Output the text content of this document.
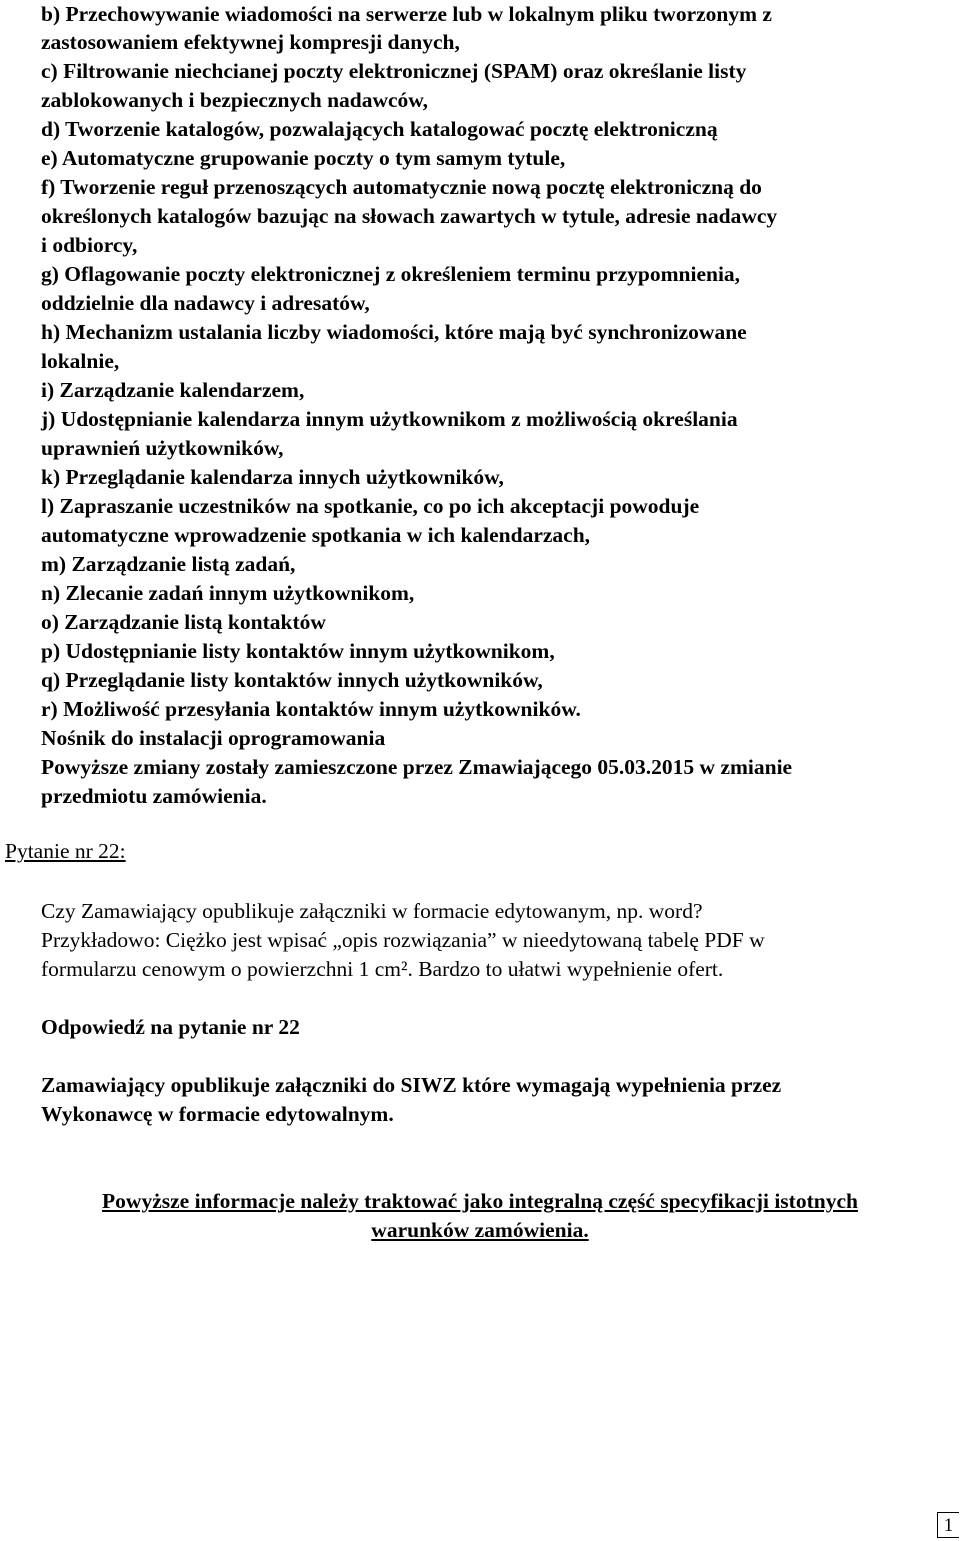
b) Przechowywanie wiadomości na serwerze lub w lokalnym pliku tworzonym z
zastosowaniem efektywnej kompresji danych,
c) Filtrowanie niechcianej poczty elektronicznej (SPAM) oraz określanie listy
zablokowanych i bezpiecznych nadawców,
d) Tworzenie katalogów, pozwalających katalogować pocztę elektroniczną
e) Automatyczne grupowanie poczty o tym samym tytule,
f) Tworzenie reguł przenoszących automatycznie nową pocztę elektroniczną do
określonych katalogów bazując na słowach zawartych w tytule, adresie nadawcy
i odbiorcy,
g) Oflagowanie poczty elektronicznej z określeniem terminu przypomnienia,
oddzielnie dla nadawcy i adresatów,
h) Mechanizm ustalania liczby wiadomości, które mają być synchronizowane
lokalnie,
i) Zarządzanie kalendarzem,
j) Udostępnianie kalendarza innym użytkownikom z możliwością określania
uprawnień użytkowników,
k) Przeglądanie kalendarza innych użytkowników,
l) Zapraszanie uczestników na spotkanie, co po ich akceptacji powoduje
automatyczne wprowadzenie spotkania w ich kalendarzach,
m) Zarządzanie listą zadań,
n) Zlecanie zadań innym użytkownikom,
o) Zarządzanie listą kontaktów
p) Udostępnianie listy kontaktów innym użytkownikom,
q) Przeglądanie listy kontaktów innych użytkowników,
r) Możliwość przesyłania kontaktów innym użytkowników.
Nośnik do instalacji oprogramowania
Powyższe zmiany zostały zamieszczone przez Zmawiającego 05.03.2015 w zmianie
przedmiotu zamówienia.
Pytanie nr 22:
Czy Zamawiający opublikuje załączniki w formacie edytowanym, np. word?
Przykładowo: Ciężko jest wpisać „opis rozwiązania” w nieedytowaną tabelę PDF w
formularzu cenowym o powierzchni 1 cm². Bardzo to ułatwi wypełnienie ofert.
Odpowiedź na pytanie nr 22
Zamawiający opublikuje załączniki do SIWZ które wymagają wypełnienia przez
Wykonawcę w formacie edytowalnym.
Powyższe informacje należy traktować jako integralną część specyfikacji istotnych
warunków zamówienia.
1
